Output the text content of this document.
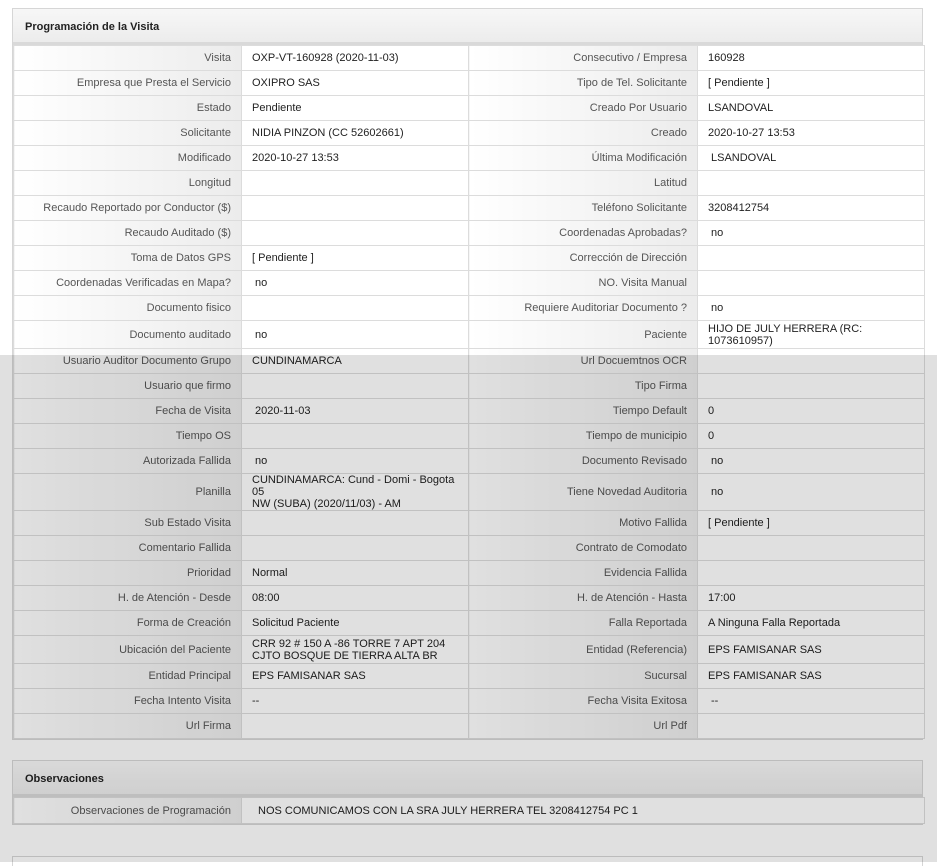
Programación de la Visita
Visita	OXP-VT-160928 (2020-11-03)	Consecutivo / Empresa	160928
Empresa que Presta el Servicio	OXIPRO SAS	Tipo de Tel. Solicitante	[ Pendiente ]
Estado	Pendiente	Creado Por Usuario	LSANDOVAL
Solicitante	NIDIA PINZON (CC 52602661)	Creado	2020-10-27 13:53
Modificado	2020-10-27 13:53	Última Modificación	LSANDOVAL
Longitud		Latitud	
Recaudo Reportado por Conductor ($)		Teléfono Solicitante	3208412754
Recaudo Auditado ($)		Coordenadas Aprobadas?	no
Toma de Datos GPS	[ Pendiente ]	Corrección de Dirección	
Coordenadas Verificadas en Mapa?	no	NO. Visita Manual	
Documento fisico		Requiere Auditoriar Documento ?	no
Documento auditado	no	Paciente	HIJO DE JULY HERRERA (RC:
1073610957)

Usuario Auditor Documento Grupo	CUNDINAMARCA	Url Docuemtnos OCR	
Usuario que firmo		Tipo Firma	
Fecha de Visita	2020-11-03	Tiempo Default	0
Tiempo OS		Tiempo de municipio	0
Autorizada Fallida	no	Documento Revisado	no
Planilla	CUNDINAMARCA: Cund - Domi - Bogota 05
NW (SUBA) (2020/11/03) - AM	Tiene Novedad Auditoria	no
Sub Estado Visita		Motivo Fallida	[ Pendiente ]
Comentario Fallida		Contrato de Comodato	
Prioridad	Normal	Evidencia Fallida	
H. de Atención - Desde	08:00	H. de Atención - Hasta	17:00
Forma de Creación	Solicitud Paciente	Falla Reportada	A Ninguna Falla Reportada
Ubicación del Paciente	CRR 92 # 150 A -86 TORRE 7 APT 204
CJTO BOSQUE DE TIERRA ALTA BR	Entidad (Referencia)	EPS FAMISANAR SAS
Entidad Principal	EPS FAMISANAR SAS	Sucursal	EPS FAMISANAR SAS
Fecha Intento Visita	--	Fecha Visita Exitosa	--
Url Firma		Url Pdf	
Observaciones
Observaciones de Programación	NOS COMUNICAMOS CON LA SRA JULY HERRERA TEL 3208412754 PC 1
